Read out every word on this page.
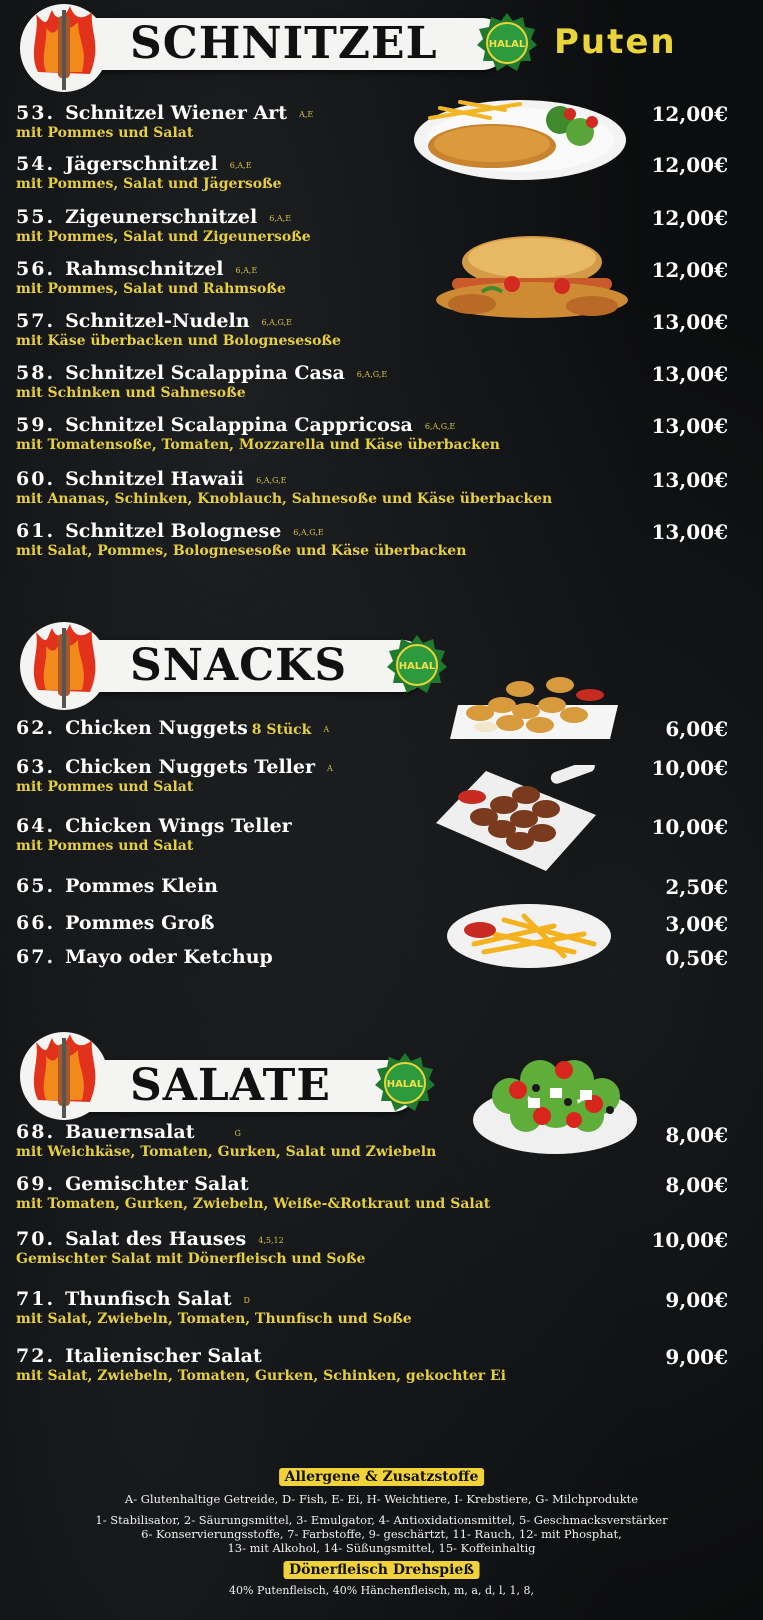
SCHNITZEL	HALAL Puten
53. Schnitzel Wiener Art A,E
mit Pommes und Salat
12,00€
54. Jägerschnitzel 6,A,E
mit Pommes, Salat und Jägersoße
12,00€
55. Zigeunerschnitzel 6,A,E
mit Pommes, Salat und Zigeunersoße
12,00€
56. Rahmschnitzel 6,A,E
mit Pommes, Salat und Rahmsoße
12,00€
57. Schnitzel-Nudeln 6,A,G,E
mit Käse überbacken und Bolognesesoße
13,00€
58. Schnitzel Scalappina Casa 6,A,G,E
mit Schinken und Sahnesoße
13,00€
59. Schnitzel Scalappina Cappricosa 6,A,G,E
mit Tomatensoße, Tomaten, Mozzarella und Käse überbacken
13,00€
60. Schnitzel Hawaii 6,A,G,E
mit Ananas, Schinken, Knoblauch, Sahnesoße und Käse überbacken
13,00€
61. Schnitzel Bolognese 6,A,G,E
mit Salat, Pommes, Bolognesesoße und Käse überbacken
13,00€
SNACKS	HALAL
62. Chicken Nuggets 8 Stück A	6,00€
63. Chicken Nuggets Teller A
mit Pommes und Salat
10,00€
64. Chicken Wings Teller
mit Pommes und Salat
10,00€
65. Pommes Klein	2,50€
66. Pommes Groß	3,00€
67. Mayo oder Ketchup	0,50€
SALATE	HALAL
68. Bauernsalat	G
mit Weichkäse, Tomaten, Gurken, Salat und Zwiebeln
8,00€
69. Gemischter Salat
mit Tomaten, Gurken, Zwiebeln, Weiße-&Rotkraut und Salat
8,00€
70. Salat des Hauses 4,5,12
Gemischter Salat mit Dönerfleisch und Soße
10,00€
71. Thunfisch Salat D
mit Salat, Zwiebeln, Tomaten, Thunfisch und Soße
9,00€
72. Italienischer Salat
mit Salat, Zwiebeln, Tomaten, Gurken, Schinken, gekochter Ei
9,00€
Allergene & Zusatzstoffe
A- Glutenhaltige Getreide, D- Fish, E- Ei, H- Weichtiere, I- Krebstiere, G- Milchprodukte
1- Stabilisator, 2- Säurungsmittel, 3- Emulgator, 4- Antioxidationsmittel, 5- Geschmacksverstärker
6- Konservierungsstoffe, 7- Farbstoffe, 9- geschärtzt, 11- Rauch, 12- mit Phosphat,
13- mit Alkohol, 14- Süßungsmittel, 15- Koffeinhaltig
Dönerfleisch Drehspieß
40% Putenfleisch, 40% Hänchenfleisch, m, a, d, l, 1, 8,
